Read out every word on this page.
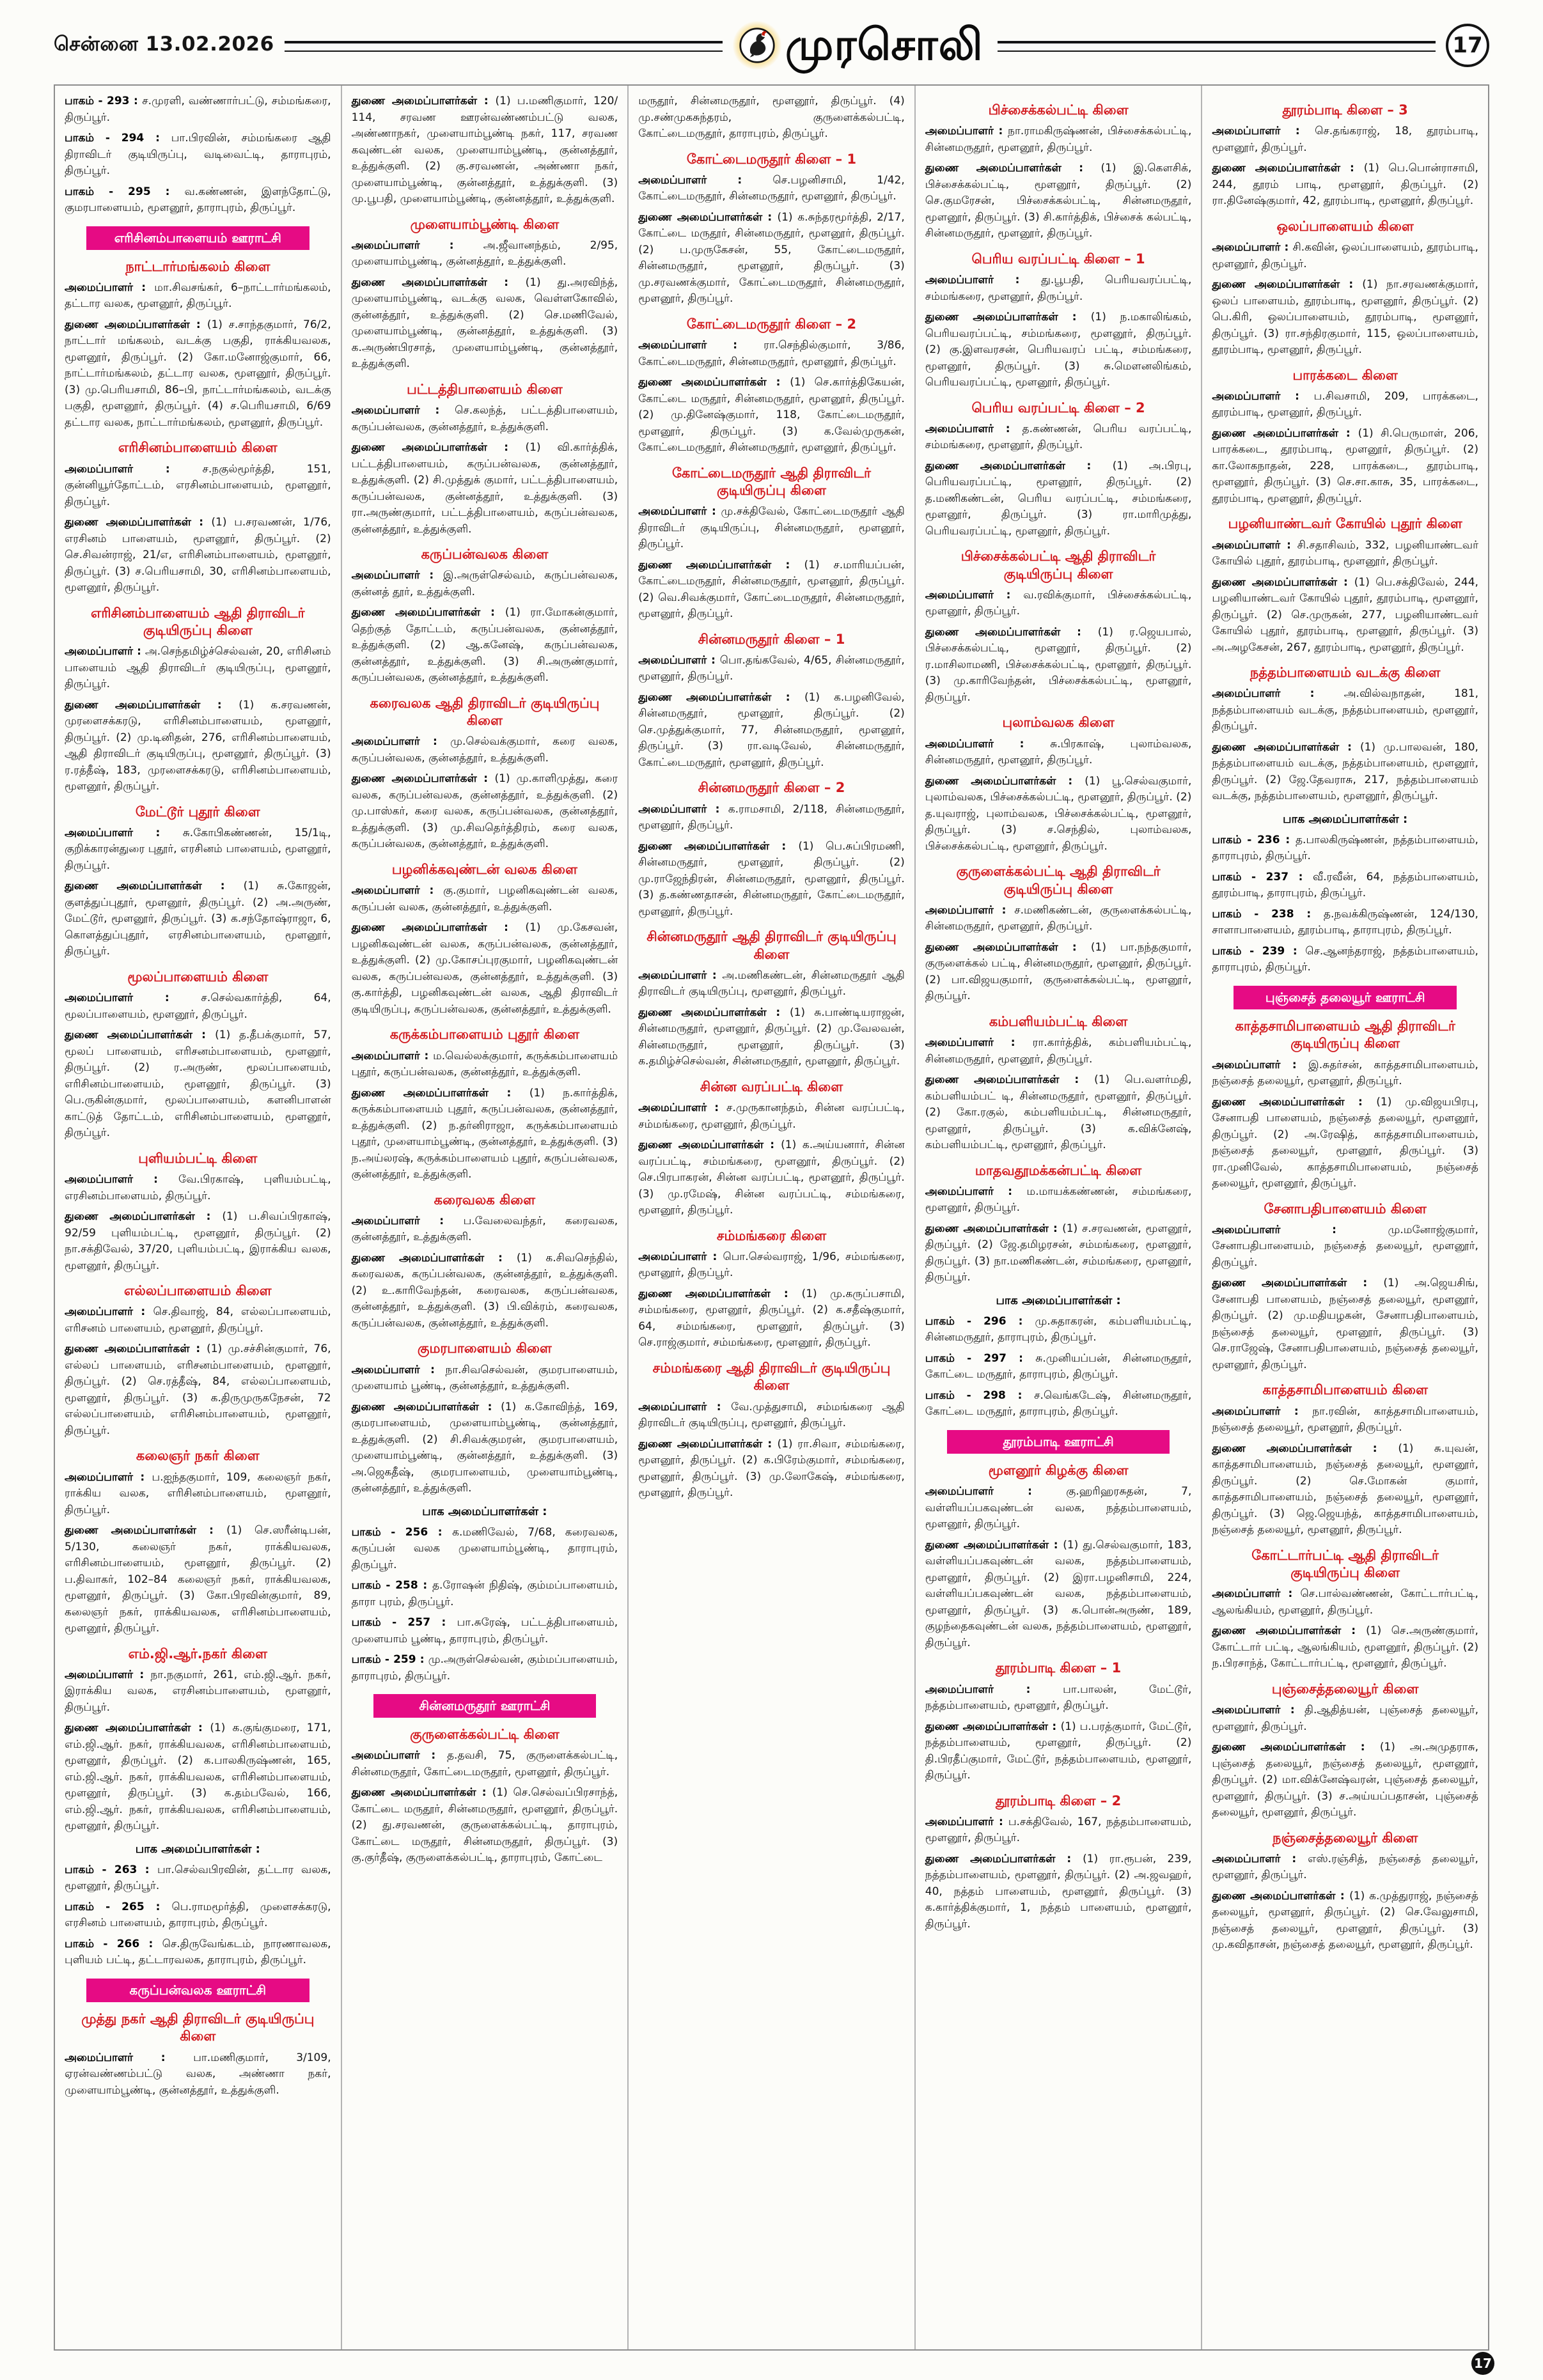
சென்னை 13.02.2026	முரசொலி	17

பாகம் - 293 : ச.முரளி, வண்ணார்பட்டு, சம்மங்கரை, திருப்பூர்.

பாகம் - 294 : பா.பிரவின், சம்மங்கரை ஆதி திராவிடர் குடியிருப்பு, வடிவைட்டி, தாராபுரம், திருப்பூர்.

பாகம் - 295 : வ.கண்ணன், இளந்தோட்டு, குமரபாளையம், மூளனூர், தாராபுரம், திருப்பூர்.

எரிசினம்பாளையம் ஊராட்சி
நாட்டார்மங்கலம் கிளை

அமைப்பாளர் : மா.சிவசங்கர், 6–நாட்டார்மங்கலம், தட்டார வலக, மூளனூர், திருப்பூர்.

துணை அமைப்பாளர்கள் : (1) ச.சாந்தகுமார், 76/2, நாட்டார் மங்கலம், வடக்கு பகுதி, ராக்கியவலக, மூளனூர், திருப்பூர். (2) கோ.மனோஜ்குமார், 66, நாட்டார்மங்கலம், தட்டார வலக, மூளனூர், திருப்பூர். (3) மு.பெரியசாமி, 86–பி, நாட்டார்மங்கலம், வடக்கு பகுதி, மூளனூர், திருப்பூர். (4) ச.பெரியசாமி, 6/69 தட்டார வலக, நாட்டார்மங்கலம், மூளனூர், திருப்பூர்.

எரிசினம்பாளையம் கிளை

அமைப்பாளர் : ச.நகுல்மூர்த்தி, 151, குன்னியூர்தோட்டம், எரசினம்பாளையம், மூளனூர், திருப்பூர்.

துணை அமைப்பாளர்கள் : (1) ப.சரவணன், 1/76, எரசினம் பாளையம், மூளனூர், திருப்பூர். (2) செ.சிவன்ராஜ், 21/எ, எரிசினம்பாளையம், மூளனூர், திருப்பூர். (3) ச.பெரியசாமி, 30, எரிசினம்பாளையம், மூளனூர், திருப்பூர்.

எரிசினம்பாளையம் ஆதி திராவிடர் குடியிருப்பு கிளை

அமைப்பாளர் : அ.செந்தமிழ்ச்செல்வன், 20, எரிசினம் பாளையம் ஆதி திராவிடர் குடியிருப்பு, மூளனூர், திருப்பூர்.

துணை அமைப்பாளர்கள் : (1) க.சரவணன், முரளைசக்கரடு, எரிசினம்பாளையம், மூளனூர், திருப்பூர். (2) மு.டினிதன், 276, எரிசினம்பாளையம், ஆதி திராவிடர் குடியிருப்பு, மூளனூர், திருப்பூர். (3) ர.ரத்தீஷ், 183, முரளைசக்கரடு, எரிசினம்பாளையம், மூளனூர், திருப்பூர்.

மேட்டூர் புதூர் கிளை

அமைப்பாளர் : சு.கோபிகண்ணன், 15/1டி, குறிக்காரன்துரை புதூர், எரசினம் பாளையம், மூளனூர், திருப்பூர்.

துணை அமைப்பாளர்கள் : (1) சு.கோஜன், குளத்துப்புதூர், மூளனூர், திருப்பூர். (2) அ.அருண், மேட்டூர், மூளனூர், திருப்பூர். (3) க.சந்தோஷ்ராஜா, 6, கொளத்துப்புதூர், எரசினம்பாளையம், மூளனூர், திருப்பூர்.

மூலப்பாளையம் கிளை

அமைப்பாளர் : ச.செல்வகார்த்தி, 64, மூலப்பாளையம், மூளனூர், திருப்பூர்.

துணை அமைப்பாளர்கள் : (1) த.தீபக்குமார், 57, மூலப் பாளையம், எரிசனம்பாளையம், மூளனூர், திருப்பூர். (2) ர.அருண், மூலப்பாளையம், எரிசினம்பாளையம், மூளனூர், திருப்பூர். (3) பெ.ருகின்குமார், மூலப்பாளையம், களனிபாளன் காட்டுத் தோட்டம், எரிசினம்பாளையம், மூளனூர், திருப்பூர்.

புளியம்பட்டி கிளை

அமைப்பாளர் : வே.பிரகாஷ், புளியம்பட்டி, எரசினம்பாளையம், திருப்பூர்.

துணை அமைப்பாளர்கள் : (1) ப.சிவப்பிரகாஷ், 92/59 புளியம்பட்டி, மூளனூர், திருப்பூர். (2) நா.சக்திவேல், 37/20, புளியம்பட்டி, இராக்கிய வலக, மூளனூர், திருப்பூர்.

எல்லப்பாளையம் கிளை

அமைப்பாளர் : செ.திவாஜ், 84, எல்லப்பாளையம், எரிசனம் பாளையம், மூளனூர், திருப்பூர்.

துணை அமைப்பாளர்கள் : (1) மு.சச்சின்குமார், 76, எல்லப் பாளையம், எரிசனம்பாளையம், மூளனூர், திருப்பூர். (2) செ.ரத்தீஷ், 84, எல்லப்பாளையம், மூளனூர், திருப்பூர். (3) க.திருமுருகநேசன், 72 எல்லப்பாளையம், எரிசினம்பாளையம், மூளனூர், திருப்பூர்.

கலைஞர் நகர் கிளை

அமைப்பாளர் : ப.ஐந்தகுமார், 109, கலைஞர் நகர், ராக்கிய வலக, எரிசினம்பாளையம், மூளனூர், திருப்பூர்.

துணை அமைப்பாளர்கள் : (1) செ.ஸரீன்டிபன், 5/130, கலைஞர் நகர், ராக்கியவலக, எரிசினம்பாளையம், மூளனூர், திருப்பூர். (2) ப.திவாகர், 102–84 கலைஞர் நகர், ராக்கியவலக, மூளனூர், திருப்பூர். (3) கோ.பிரவின்குமார், 89, கலைஞர் நகர், ராக்கியவலக, எரிசினம்பாளையம், மூளனூர், திருப்பூர்.

எம்.ஜி.ஆர்.நகர் கிளை

அமைப்பாளர் : நா.நகுமார், 261, எம்.ஜி.ஆர். நகர், இராக்கிய வலக, எரசினம்பாளையம், மூளனூர், திருப்பூர்.

துணை அமைப்பாளர்கள் : (1) க.குங்குமரை, 171, எம்.ஜி.ஆர். நகர், ராக்கியவலக, எரிசினம்பாளையம், மூளனூர், திருப்பூர். (2) க.பாலகிருஷ்ணன், 165, எம்.ஜி.ஆர். நகர், ராக்கியவலக, எரிசினம்பாளையம், மூளனூர், திருப்பூர். (3) க.தம்பவேல், 166, எம்.ஜி.ஆர். நகர், ராக்கியவலக, எரிசினம்பாளையம், மூளனூர், திருப்பூர்.

பாக அமைப்பாளர்கள் :

பாகம் - 263 : பா.செல்வபிரவின், தட்டார வலக, மூளனூர், திருப்பூர்.

பாகம் - 265 : பெ.ராமமூர்த்தி, முளைசக்கரடு, எரசினம் பாளையம், தாராபுரம், திருப்பூர்.

பாகம் - 266 : செ.திருவேங்கடம், நாரணாவலக, புளியம் பட்டி, தட்டாரவலக, தாராபுரம், திருப்பூர்.

கருப்பன்வலக ஊராட்சி
முத்து நகர் ஆதி திராவிடர் குடியிருப்பு கிளை

அமைப்பாளர் : பா.மணிகுமார், 3/109, ஏரன்வண்ணம்பட்டு வலக, அண்ணா நகர், முளையாம்பூண்டி, குன்னத்தூர், உத்துக்குளி.

துணை அமைப்பாளர்கள் : (1) ப.மணிகுமார், 120/ 114, சரவண ஊரன்வண்ணம்பட்டு வலக, அண்ணாநகர், முளையாம்பூண்டி நகர், 117, சரவண கவுண்டன் வலக, முளையாம்பூண்டி, குன்னத்தூர், உத்துக்குளி. (2) கு.சரவணன், அண்ணா நகர், முளையாம்பூண்டி, குன்னத்தூர், உத்துக்குளி. (3) மு.பூபதி, முளையாம்பூண்டி, குன்னத்தூர், உத்துக்குளி.

முளையாம்பூண்டி கிளை

அமைப்பாளர் : அ.ஜீவானந்தம், 2/95, முளையாம்பூண்டி, குன்னத்தூர், உத்துக்குளி.

துணை அமைப்பாளர்கள் : (1) து.அரவிந்த், முளையாம்பூண்டி, வடக்கு வலக, வெள்ளகோவில், குன்னத்தூர், உத்துக்குளி. (2) செ.மணிவேல், முளையாம்பூண்டி, குன்னத்தூர், உத்துக்குளி. (3) க.அருண்பிரசாத், முளையாம்பூண்டி, குன்னத்தூர், உத்துக்குளி.

பட்டத்திபாளையம் கிளை

அமைப்பாளர் : செ.கலந்த், பட்டத்திபாளையம், கருப்பன்வலக, குன்னத்தூர், உத்துக்குளி.

துணை அமைப்பாளர்கள் : (1) வி.கார்த்திக், பட்டத்திபாளையம், கருப்பன்வலக, குன்னத்தூர், உத்துக்குளி. (2) சி.முத்துக் குமார், பட்டத்திபாளையம், கருப்பன்வலக, குன்னத்தூர், உத்துக்குளி. (3) ரா.அருண்குமார், பட்டத்திபாளையம், கருப்பன்வலக, குன்னத்தூர், உத்துக்குளி.

கருப்பன்வலக கிளை

அமைப்பாளர் : இ.அருள்செல்வம், கருப்பன்வலக, குன்னத் தூர், உத்துக்குளி.

துணை அமைப்பாளர்கள் : (1) ரா.மோகன்குமார், தெற்குத் தோட்டம், கருப்பன்வலக, குன்னத்தூர், உத்துக்குளி. (2) ஆ.கனேஷ், கருப்பன்வலக, குன்னத்தூர், உத்துக்குளி. (3) சி.அருண்குமார், கருப்பன்வலக, குன்னத்தூர், உத்துக்குளி.

கரைவலக ஆதி திராவிடர் குடியிருப்பு கிளை

அமைப்பாளர் : மு.செல்வக்குமார், கரை வலக, கருப்பன்வலக, குன்னத்தூர், உத்துக்குளி.

துணை அமைப்பாளர்கள் : (1) மு.காளிமுத்து, கரை வலக, கருப்பன்வலக, குன்னத்தூர், உத்துக்குளி. (2) மு.பாஸ்கர், கரை வலக, கருப்பன்வலக, குன்னத்தூர், உத்துக்குளி. (3) மு.சிவதெர்த்திரம், கரை வலக, கருப்பன்வலக, குன்னத்தூர், உத்துக்குளி.

பழனிக்கவுண்டன் வலக கிளை

அமைப்பாளர் : கு.குமார், பழனிகவுண்டன் வலக, கருப்பன் வலக, குன்னத்தூர், உத்துக்குளி.

துணை அமைப்பாளர்கள் : (1) மு.கேசவன், பழனிகவுண்டன் வலக, கருப்பன்வலக, குன்னத்தூர், உத்துக்குளி. (2) மு.கோசப்புரகுமார், பழனிகவுண்டன் வலக, கருப்பன்வலக, குன்னத்தூர், உத்துக்குளி. (3) கு.கார்த்தி, பழனிகவுண்டன் வலக, ஆதி திராவிடர் குடியிருப்பு, கருப்பன்வலக, குன்னத்தூர், உத்துக்குளி.

கருக்கம்பாளையம் புதூர் கிளை

அமைப்பாளர் : ம.வெல்லக்குமார், கருக்கம்பாளையம் புதூர், கருப்பன்வலக, குன்னத்தூர், உத்துக்குளி.

துணை அமைப்பாளர்கள் : (1) ந.கார்த்திக், கருக்கம்பாளையம் புதூர், கருப்பன்வலக, குன்னத்தூர், உத்துக்குளி. (2) ந.தர்னிராஜா, கருக்கம்பாளையம் புதூர், முளையாம்பூண்டி, குன்னத்தூர், உத்துக்குளி. (3) ந.அய்லரஷ், கருக்கம்பாளையம் புதூர், கருப்பன்வலக, குன்னத்தூர், உத்துக்குளி.

கரைவலக கிளை

அமைப்பாளர் : ப.வேலைவந்தர், கரைவலக, குன்னத்தூர், உத்துக்குளி.

துணை அமைப்பாளர்கள் : (1) க.சிவசெந்தில், கரைவலக, கருப்பன்வலக, குன்னத்தூர், உத்துக்குளி. (2) உ.காரிவேந்தன், கரைவலக, கருப்பன்வலக, குன்னத்தூர், உத்துக்குளி. (3) பி.விக்ரம், கரைவலக, கருப்பன்வலக, குன்னத்தூர், உத்துக்குளி.

குமரபாளையம் கிளை

அமைப்பாளர் : நா.சிவசெல்வன், குமரபாளையம், முளையாம் பூண்டி, குன்னத்தூர், உத்துக்குளி.

துணை அமைப்பாளர்கள் : (1) க.கோவிந்த், 169, குமரபாளையம், முளையாம்பூண்டி, குன்னத்தூர், உத்துக்குளி. (2) சி.சிவக்குமரன், குமரபாளையம், முளையாம்பூண்டி, குன்னத்தூர், உத்துக்குளி. (3) அ.ஜெகதீஷ், குமரபாளையம், முளையாம்பூண்டி, குன்னத்தூர், உத்துக்குளி.

பாக அமைப்பாளர்கள் :

பாகம் - 256 : க.மணிவேல், 7/68, கரைவலக, கருப்பன் வலக முளையாம்பூண்டி, தாராபுரம், திருப்பூர்.

பாகம் - 258 : த.ரோஷன் நிதிஷ், கும்மப்பாளையம், தாரா புரம், திருப்பூர்.

பாகம் - 257 : பா.சுரேஷ், பட்டத்திபாளையம், முளையாம் பூண்டி, தாராபுரம், திருப்பூர்.

பாகம் - 259 : மு.அருள்செல்வன், கும்மப்பாளையம், தாராபுரம், திருப்பூர்.

சின்னமருதூர் ஊராட்சி
குருளைக்கல்பட்டி கிளை

அமைப்பாளர் : த.தவசி, 75, குருளைக்கல்பட்டி, சின்னமருதூர், கோட்டைமருதூர், மூளனூர், திருப்பூர்.

துணை அமைப்பாளர்கள் : (1) செ.செல்வப்பிரசாந்த், கோட்டை மருதூர், சின்னமருதூர், மூளனூர், திருப்பூர். (2) து.சரவணன், குருளைக்கல்பட்டி, தாராபுரம், கோட்டை மருதூர், சின்னமருதூர், திருப்பூர். (3) கு.குர்தீஷ், குருளைக்கல்பட்டி, தாராபுரம், கோட்டை

மருதூர், சின்னமருதூர், மூளனூர், திருப்பூர். (4) மு.சண்முகசுந்தரம், குருளைக்கல்பட்டி, கோட்டைமருதூர், தாராபுரம், திருப்பூர்.

கோட்டைமருதூர் கிளை – 1

அமைப்பாளர் : செ.பழனிசாமி, 1/42, கோட்டைமருதூர், சின்னமருதூர், மூளனூர், திருப்பூர்.

துணை அமைப்பாளர்கள் : (1) க.சுந்தரமூர்த்தி, 2/17, கோட்டை மருதூர், சின்னமருதூர், மூளனூர், திருப்பூர். (2) ப.முருகேசன், 55, கோட்டைமருதூர், சின்னமருதூர், மூளனூர், திருப்பூர். (3) மு.சரவணக்குமார், கோட்டைமருதூர், சின்னமருதூர், மூளனூர், திருப்பூர்.

கோட்டைமருதூர் கிளை – 2

அமைப்பாளர் : ரா.செந்தில்குமார், 3/86, கோட்டைமருதூர், சின்னமருதூர், மூளனூர், திருப்பூர்.

துணை அமைப்பாளர்கள் : (1) செ.கார்த்திகேயன், கோட்டை மருதூர், சின்னமருதூர், மூளனூர், திருப்பூர். (2) மு.தினேஷ்குமார், 118, கோட்டைமருதூர், மூளனூர், திருப்பூர். (3) க.வேல்முருகன், கோட்டைமருதூர், சின்னமருதூர், மூளனூர், திருப்பூர்.

கோட்டைமருதூர் ஆதி திராவிடர் குடியிருப்பு கிளை

அமைப்பாளர் : மு.சக்திவேல், கோட்டைமருதூர் ஆதி திராவிடர் குடியிருப்பு, சின்னமருதூர், மூளனூர், திருப்பூர்.

துணை அமைப்பாளர்கள் : (1) ச.மாரியப்பன், கோட்டைமருதூர், சின்னமருதூர், மூளனூர், திருப்பூர். (2) வெ.சிவக்குமார், கோட்டைமருதூர், சின்னமருதூர், மூளனூர், திருப்பூர்.

சின்னமருதூர் கிளை – 1

அமைப்பாளர் : பொ.தங்கவேல், 4/65, சின்னமருதூர், மூளனூர், திருப்பூர்.

துணை அமைப்பாளர்கள் : (1) க.பழனிவேல், சின்னமருதூர், மூளனூர், திருப்பூர். (2) செ.முத்துக்குமார், 77, சின்னமருதூர், மூளனூர், திருப்பூர். (3) ரா.வடிவேல், சின்னமருதூர், கோட்டைமருதூர், மூளனூர், திருப்பூர்.

சின்னமருதூர் கிளை – 2

அமைப்பாளர் : க.ராமசாமி, 2/118, சின்னமருதூர், மூளனூர், திருப்பூர்.

துணை அமைப்பாளர்கள் : (1) பெ.சுப்பிரமணி, சின்னமருதூர், மூளனூர், திருப்பூர். (2) மு.ராஜேந்திரன், சின்னமருதூர், மூளனூர், திருப்பூர். (3) த.கண்ணதாசன், சின்னமருதூர், கோட்டைமருதூர், மூளனூர், திருப்பூர்.

சின்னமருதூர் ஆதி திராவிடர் குடியிருப்பு கிளை

அமைப்பாளர் : அ.மணிகண்டன், சின்னமருதூர் ஆதி திராவிடர் குடியிருப்பு, மூளனூர், திருப்பூர்.

துணை அமைப்பாளர்கள் : (1) சு.பாண்டியராஜன், சின்னமருதூர், மூளனூர், திருப்பூர். (2) மு.வேலவன், சின்னமருதூர், மூளனூர், திருப்பூர். (3) க.தமிழ்ச்செல்வன், சின்னமருதூர், மூளனூர், திருப்பூர்.

சின்ன வரப்பட்டி கிளை

அமைப்பாளர் : ச.முருகானந்தம், சின்ன வரப்பட்டி, சம்மங்கரை, மூளனூர், திருப்பூர்.

துணை அமைப்பாளர்கள் : (1) க.அய்யனார், சின்ன வரப்பட்டி, சம்மங்கரை, மூளனூர், திருப்பூர். (2) செ.பிரபாகரன், சின்ன வரப்பட்டி, மூளனூர், திருப்பூர். (3) மு.ரமேஷ், சின்ன வரப்பட்டி, சம்மங்கரை, மூளனூர், திருப்பூர்.

சம்மங்கரை கிளை

அமைப்பாளர் : பொ.செல்வராஜ், 1/96, சம்மங்கரை, மூளனூர், திருப்பூர்.

துணை அமைப்பாளர்கள் : (1) மு.கருப்பசாமி, சம்மங்கரை, மூளனூர், திருப்பூர். (2) க.சதீஷ்குமார், 64, சம்மங்கரை, மூளனூர், திருப்பூர். (3) செ.ராஜ்குமார், சம்மங்கரை, மூளனூர், திருப்பூர்.

சம்மங்கரை ஆதி திராவிடர் குடியிருப்பு கிளை

அமைப்பாளர் : வே.முத்துசாமி, சம்மங்கரை ஆதி திராவிடர் குடியிருப்பு, மூளனூர், திருப்பூர்.

துணை அமைப்பாளர்கள் : (1) ரா.சிவா, சம்மங்கரை, மூளனூர், திருப்பூர். (2) க.பிரேம்குமார், சம்மங்கரை, மூளனூர், திருப்பூர். (3) மு.லோகேஷ், சம்மங்கரை, மூளனூர், திருப்பூர்.

பிச்சைக்கல்பட்டி கிளை

அமைப்பாளர் : நா.ராமகிருஷ்ணன், பிச்சைக்கல்பட்டி, சின்னமருதூர், மூளனூர், திருப்பூர்.

துணை அமைப்பாளர்கள் : (1) இ.கௌசிக், பிச்சைக்கல்பட்டி, மூளனூர், திருப்பூர். (2) செ.குமரேசன், பிச்சைக்கல்பட்டி, சின்னமருதூர், மூளனூர், திருப்பூர். (3) சி.கார்த்திக், பிச்சைக் கல்பட்டி, சின்னமருதூர், மூளனூர், திருப்பூர்.

பெரிய வரப்பட்டி கிளை – 1

அமைப்பாளர் : து.பூபதி, பெரியவரப்பட்டி, சம்மங்கரை, மூளனூர், திருப்பூர்.

துணை அமைப்பாளர்கள் : (1) ந.மகாலிங்கம், பெரியவரப்பட்டி, சம்மங்கரை, மூளனூர், திருப்பூர். (2) கு.இளவரசன், பெரியவரப் பட்டி, சம்மங்கரை, மூளனூர், திருப்பூர். (3) சு.மெளனலிங்கம், பெரியவரப்பட்டி, மூளனூர், திருப்பூர்.

பெரிய வரப்பட்டி கிளை – 2

அமைப்பாளர் : த.கண்ணன், பெரிய வரப்பட்டி, சம்மங்கரை, மூளனூர், திருப்பூர்.

துணை அமைப்பாளர்கள் : (1) அ.பிரபு, பெரியவரப்பட்டி, மூளனூர், திருப்பூர். (2) த.மணிகண்டன், பெரிய வரப்பட்டி, சம்மங்கரை, மூளனூர், திருப்பூர். (3) ரா.மாரிமுத்து, பெரியவரப்பட்டி, மூளனூர், திருப்பூர்.

பிச்சைக்கல்பட்டி ஆதி திராவிடர் குடியிருப்பு கிளை

அமைப்பாளர் : வ.ரவிக்குமார், பிச்சைக்கல்பட்டி, மூளனூர், திருப்பூர்.

துணை அமைப்பாளர்கள் : (1) ர.ஜெயபால், பிச்சைக்கல்பட்டி, மூளனூர், திருப்பூர். (2) ர.மாசிலாமணி, பிச்சைக்கல்பட்டி, மூளனூர், திருப்பூர். (3) மு.காரிவேந்தன், பிச்சைக்கல்பட்டி, மூளனூர், திருப்பூர்.

புலாம்வலக கிளை

அமைப்பாளர் : சு.பிரகாஷ், புலாம்வலக, சின்னமருதூர், மூளனூர், திருப்பூர்.

துணை அமைப்பாளர்கள் : (1) பூ.செல்வகுமார், புலாம்வலக, பிச்சைக்கல்பட்டி, மூளனூர், திருப்பூர். (2) த.யுவராஜ், புலாம்வலக, பிச்சைக்கல்பட்டி, மூளனூர், திருப்பூர். (3) ச.செந்தில், புலாம்வலக, பிச்சைக்கல்பட்டி, மூளனூர், திருப்பூர்.

குருளைக்கல்பட்டி ஆதி திராவிடர் குடியிருப்பு கிளை

அமைப்பாளர் : ச.மணிகண்டன், குருளைக்கல்பட்டி, சின்னமருதூர், மூளனூர், திருப்பூர்.

துணை அமைப்பாளர்கள் : (1) பா.நந்தகுமார், குருளைக்கல் பட்டி, சின்னமருதூர், மூளனூர், திருப்பூர். (2) பா.விஜயகுமார், குருளைக்கல்பட்டி, மூளனூர், திருப்பூர்.

கம்பளியம்பட்டி கிளை

அமைப்பாளர் : ரா.கார்த்திக், கம்பளியம்பட்டி, சின்னமருதூர், மூளனூர், திருப்பூர்.

துணை அமைப்பாளர்கள் : (1) பெ.வளர்மதி, கம்பளியம்பட் டி, சின்னமருதூர், மூளனூர், திருப்பூர். (2) கோ.ரகுல், கம்பளியம்பட்டி, சின்னமருதூர், மூளனூர், திருப்பூர். (3) க.விக்னேஷ், கம்பளியம்பட்டி, மூளனூர், திருப்பூர்.

மாதவதூமக்கன்பட்டி கிளை

அமைப்பாளர் : ம.மாயக்கண்ணன், சம்மங்கரை, மூளனூர், திருப்பூர்.

துணை அமைப்பாளர்கள் : (1) ச.சரவணன், மூளனூர், திருப்பூர். (2) ஜே.தமிழரசன், சம்மங்கரை, மூளனூர், திருப்பூர். (3) நா.மணிகண்டன், சம்மங்கரை, மூளனூர், திருப்பூர்.

பாக அமைப்பாளர்கள் :

பாகம் - 296 : மு.சுதாகரன், கம்பளியம்பட்டி, சின்னமருதூர், தாராபுரம், திருப்பூர்.

பாகம் - 297 : சு.முனியப்பன், சின்னமருதூர், கோட்டை மருதூர், தாராபுரம், திருப்பூர்.

பாகம் - 298 : ச.வெங்கடேஷ், சின்னமருதூர், கோட்டை மருதூர், தாராபுரம், திருப்பூர்.

தூரம்பாடி ஊராட்சி
மூளனூர் கிழக்கு கிளை

அமைப்பாளர் : கு.ஹரிஹரசுதன், 7, வள்ளியப்பகவுண்டன் வலக, நத்தம்பாளையம், மூளனூர், திருப்பூர்.

துணை அமைப்பாளர்கள் : (1) து.செல்வகுமார், 183, வள்ளியப்பகவுண்டன் வலக, நத்தம்பாளையம், மூளனூர், திருப்பூர். (2) இரா.பழனிசாமி, 224, வள்ளியப்பகவுண்டன் வலக, நத்தம்பாளையம், மூளனூர், திருப்பூர். (3) க.பொன்அருண், 189, குழந்தைகவுண்டன் வலக, நத்தம்பாளையம், மூளனூர், திருப்பூர்.

தூரம்பாடி கிளை – 1

அமைப்பாளர் : பா.பாலன், மேட்டூர், நத்தம்பாளையம், மூளனூர், திருப்பூர்.

துணை அமைப்பாளர்கள் : (1) ப.பரத்குமார், மேட்டூர், நத்தம்பாளையம், மூளனூர், திருப்பூர். (2) தி.பிரதீப்குமார், மேட்டூர், நத்தம்பாளையம், மூளனூர், திருப்பூர்.

தூரம்பாடி கிளை – 2

அமைப்பாளர் : ப.சக்திவேல், 167, நத்தம்பாளையம், மூளனூர், திருப்பூர்.

துணை அமைப்பாளர்கள் : (1) ரா.ரூபன், 239, நத்தம்பாளையம், மூளனூர், திருப்பூர். (2) அ.ஜவஹர், 40, நத்தம் பாளையம், மூளனூர், திருப்பூர். (3) க.கார்த்திக்குமார், 1, நத்தம் பாளையம், மூளனூர், திருப்பூர்.

தூரம்பாடி கிளை – 3

அமைப்பாளர் : செ.தங்கராஜ், 18, தூரம்பாடி, மூளனூர், திருப்பூர்.

துணை அமைப்பாளர்கள் : (1) பெ.பொன்ராசாமி, 244, தூரம் பாடி, மூளனூர், திருப்பூர். (2) ரா.தினேஷ்குமார், 42, தூரம்பாடி, மூளனூர், திருப்பூர்.

ஒலப்பாளையம் கிளை

அமைப்பாளர் : சி.கவின், ஒலப்பாளையம், தூரம்பாடி, மூளனூர், திருப்பூர்.

துணை அமைப்பாளர்கள் : (1) நா.சரவணக்குமார், ஒலப் பாளையம், தூரம்பாடி, மூளனூர், திருப்பூர். (2) பெ.கிரி, ஒலப்பாளையம், தூரம்பாடி, மூளனூர், திருப்பூர். (3) ரா.சந்திரகுமார், 115, ஒலப்பாளையம், தூரம்பாடி, மூளனூர், திருப்பூர்.

பாரக்கடை கிளை

அமைப்பாளர் : ப.சிவசாமி, 209, பாரக்கடை, தூரம்பாடி, மூளனூர், திருப்பூர்.

துணை அமைப்பாளர்கள் : (1) சி.பெருமாள், 206, பாரக்கடை, தூரம்பாடி, மூளனூர், திருப்பூர். (2) கா.லோகநாதன், 228, பாரக்கடை, தூரம்பாடி, மூளனூர், திருப்பூர். (3) செ.சா.காசு, 35, பாரக்கடை, தூரம்பாடி, மூளனூர், திருப்பூர்.

பழனியாண்டவர் கோயில் புதூர் கிளை

அமைப்பாளர் : சி.சதாசிவம், 332, பழனியாண்டவர் கோயில் புதூர், தூரம்பாடி, மூளனூர், திருப்பூர்.

துணை அமைப்பாளர்கள் : (1) பெ.சக்திவேல், 244, பழனியாண்டவர் கோயில் புதூர், தூரம்பாடி, மூளனூர், திருப்பூர். (2) செ.முருகன், 277, பழனியாண்டவர் கோயில் புதூர், தூரம்பாடி, மூளனூர், திருப்பூர். (3) அ.அழகேசன், 267, தூரம்பாடி, மூளனூர், திருப்பூர்.

நத்தம்பாளையம் வடக்கு கிளை

அமைப்பாளர் : அ.வில்வநாதன், 181, நத்தம்பாளையம் வடக்கு, நத்தம்பாளையம், மூளனூர், திருப்பூர்.

துணை அமைப்பாளர்கள் : (1) மு.பாலவன், 180, நத்தம்பாளையம் வடக்கு, நத்தம்பாளையம், மூளனூர், திருப்பூர். (2) ஜே.தேவராசு, 217, நத்தம்பாளையம் வடக்கு, நத்தம்பாளையம், மூளனூர், திருப்பூர்.

பாக அமைப்பாளர்கள் :

பாகம் - 236 : த.பாலகிருஷ்ணன், நத்தம்பாளையம், தாராபுரம், திருப்பூர்.

பாகம் - 237 : வீ.ரவீன், 64, நத்தம்பாளையம், தூரம்பாடி, தாராபுரம், திருப்பூர்.

பாகம் - 238 : த.நவக்கிருஷ்ணன், 124/130, சாளாபாளையம், தூரம்பாடி, தாராபுரம், திருப்பூர்.

பாகம் - 239 : செ.ஆனந்தராஜ், நத்தம்பாளையம், தாராபுரம், திருப்பூர்.

புஞ்சைத் தலையூர் ஊராட்சி
காத்தசாமிபாளையம் ஆதி திராவிடர் குடியிருப்பு கிளை

அமைப்பாளர் : இ.சுதர்சன், காத்தசாமிபாளையம், நஞ்சைத் தலையூர், மூளனூர், திருப்பூர்.

துணை அமைப்பாளர்கள் : (1) மு.விஜயபிரபு, சேனாபதி பாளையம், நஞ்சைத் தலையூர், மூளனூர், திருப்பூர். (2) அ.ரேஷித், காத்தசாமிபாளையம், நஞ்சைத் தலையூர், மூளனூர், திருப்பூர். (3) ரா.முனிவேல், காத்தசாமிபாளையம், நஞ்சைத் தலையூர், மூளனூர், திருப்பூர்.

சேனாபதிபாளையம் கிளை

அமைப்பாளர் : மு.மனோஜ்குமார், சேனாபதிபாளையம், நஞ்சைத் தலையூர், மூளனூர், திருப்பூர்.

துணை அமைப்பாளர்கள் : (1) அ.ஜெயசிங், சேனாபதி பாளையம், நஞ்சைத் தலையூர், மூளனூர், திருப்பூர். (2) மு.மதியழகன், சேனாபதிபாளையம், நஞ்சைத் தலையூர், மூளனூர், திருப்பூர். (3) செ.ராஜேஷ், சேனாபதிபாளையம், நஞ்சைத் தலையூர், மூளனூர், திருப்பூர்.

காத்தசாமிபாளையம் கிளை

அமைப்பாளர் : நா.ரவின், காத்தசாமிபாளையம், நஞ்சைத் தலையூர், மூளனூர், திருப்பூர்.

துணை அமைப்பாளர்கள் : (1) சு.யுவன், காத்தசாமிபாளையம், நஞ்சைத் தலையூர், மூளனூர், திருப்பூர். (2) செ.மோகன் குமார், காத்தசாமிபாளையம், நஞ்சைத் தலையூர், மூளனூர், திருப்பூர். (3) ஜெ.ஜெயந்த், காத்தசாமிபாளையம், நஞ்சைத் தலையூர், மூளனூர், திருப்பூர்.

கோட்டார்பட்டி ஆதி திராவிடர் குடியிருப்பு கிளை

அமைப்பாளர் : செ.பால்வண்ணன், கோட்டார்பட்டி, ஆலங்கியம், மூளனூர், திருப்பூர்.

துணை அமைப்பாளர்கள் : (1) செ.அருண்குமார், கோட்டார் பட்டி, ஆலங்கியம், மூளனூர், திருப்பூர். (2) ந.பிரசாந்த், கோட்டார்பட்டி, மூளனூர், திருப்பூர்.

புஞ்சைத்தலையூர் கிளை

அமைப்பாளர் : தி.ஆதித்யன், புஞ்சைத் தலையூர், மூளனூர், திருப்பூர்.

துணை அமைப்பாளர்கள் : (1) அ.அமுதராசு, புஞ்சைத் தலையூர், நஞ்சைத் தலையூர், மூளனூர், திருப்பூர். (2) மா.விக்னேஷ்வரன், புஞ்சைத் தலையூர், மூளனூர், திருப்பூர். (3) ச.அய்யப்பதாசன், புஞ்சைத் தலையூர், மூளனூர், திருப்பூர்.

நஞ்சைத்தலையூர் கிளை

அமைப்பாளர் : எஸ்.ரஞ்சித், நஞ்சைத் தலையூர், மூளனூர், திருப்பூர்.

துணை அமைப்பாளர்கள் : (1) க.முத்துராஜ், நஞ்சைத் தலையூர், மூளனூர், திருப்பூர். (2) செ.வேலுசாமி, நஞ்சைத் தலையூர், மூளனூர், திருப்பூர். (3) மு.கவிதாசன், நஞ்சைத் தலையூர், மூளனூர், திருப்பூர்.

17
